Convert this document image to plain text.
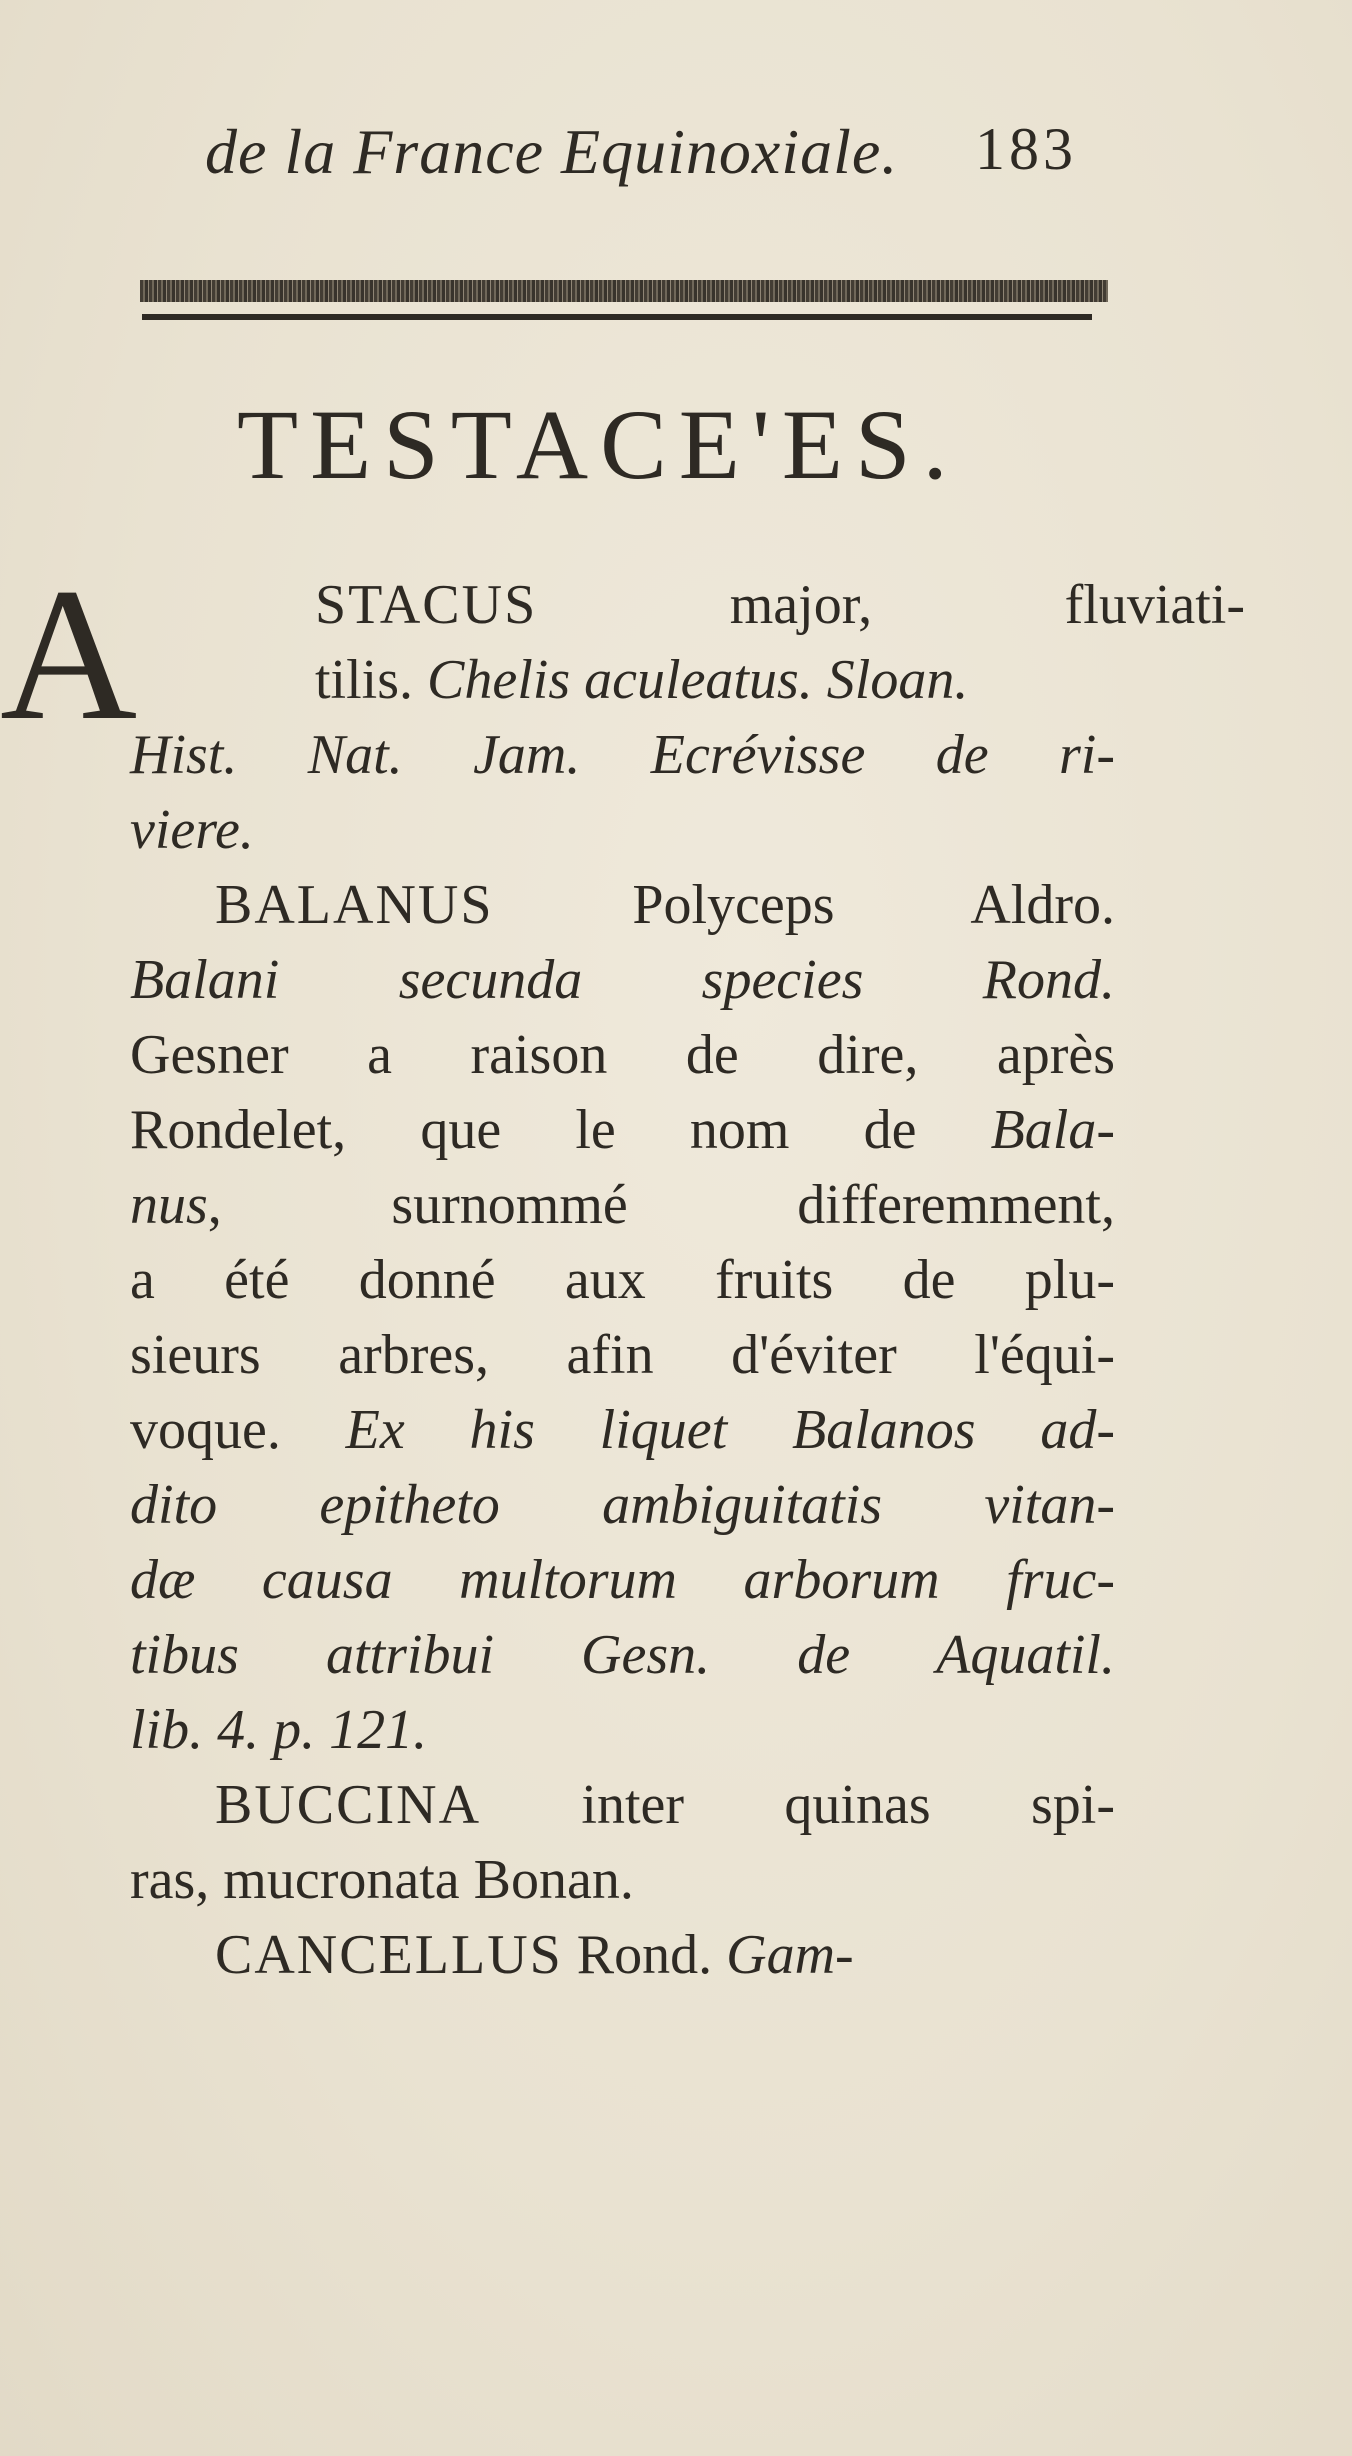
de la France Equinoxiale. 183
TESTACE'ES.
A	STACUS major, fluviati-
tilis. Chelis aculeatus. Sloan.
Hist. Nat. Jam. Ecrévisse de ri-
viere.
BALANUS Polyceps Aldro.
Balani secunda species Rond.
Gesner a raison de dire, après
Rondelet, que le nom de Bala-
nus, surnommé differemment,
a été donné aux fruits de plu-
sieurs arbres, afin d'éviter l'équi-
voque. Ex his liquet Balanos ad-
dito epitheto ambiguitatis vitan-
dæ causa multorum arborum fruc-
tibus attribui Gesn. de Aquatil.
lib. 4. p. 121.
BUCCINA inter quinas spi-
ras, mucronata Bonan.
CANCELLUS Rond. Gam-
